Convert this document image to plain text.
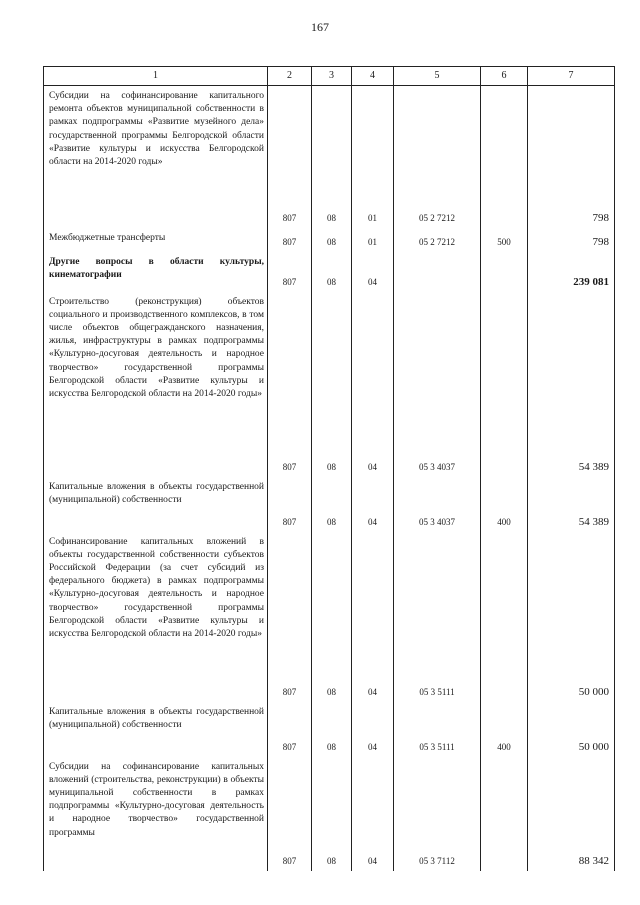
167
1	2	3	4	5	6	7
Субсидии на софинансирование капитального ремонта объектов муниципальной собственности в рамках подпрограммы «Развитие музейного дела» государственной программы Белгородской области «Развитие культуры и искусства Белгородской области на 2014-2020 годы»	807	08	01	05 2 7212		798
Межбюджетные трансферты	807	08	01	05 2 7212	500	798
Другие вопросы в области культуры, кинематографии	807	08	04			239 081
Строительство (реконструкция) объектов социального и производственного комплексов, в том числе объектов общегражданского назначения, жилья, инфраструктуры в рамках подпрограммы «Культурно-досуговая деятельность и народное творчество» государственной программы Белгородской области «Развитие культуры и искусства Белгородской области на 2014-2020 годы»	807	08	04	05 3 4037		54 389
Капитальные вложения в объекты государственной (муниципальной) собственности	807	08	04	05 3 4037	400	54 389
Софинансирование капитальных вложений в объекты государственной собственности субъектов Российской Федерации (за счет субсидий из федерального бюджета) в рамках подпрограммы «Культурно-досуговая деятельность и народное творчество» государственной программы Белгородской области «Развитие культуры и искусства Белгородской области на 2014-2020 годы»	807	08	04	05 3 5111		50 000
Капитальные вложения в объекты государственной (муниципальной) собственности	807	08	04	05 3 5111	400	50 000
Субсидии на софинансирование капитальных вложений (строительства, реконструкции) в объекты муниципальной собственности в рамках подпрограммы «Культурно-досуговая деятельность и народное творчество» государственной программы	807	08	04	05 3 7112		88 342
